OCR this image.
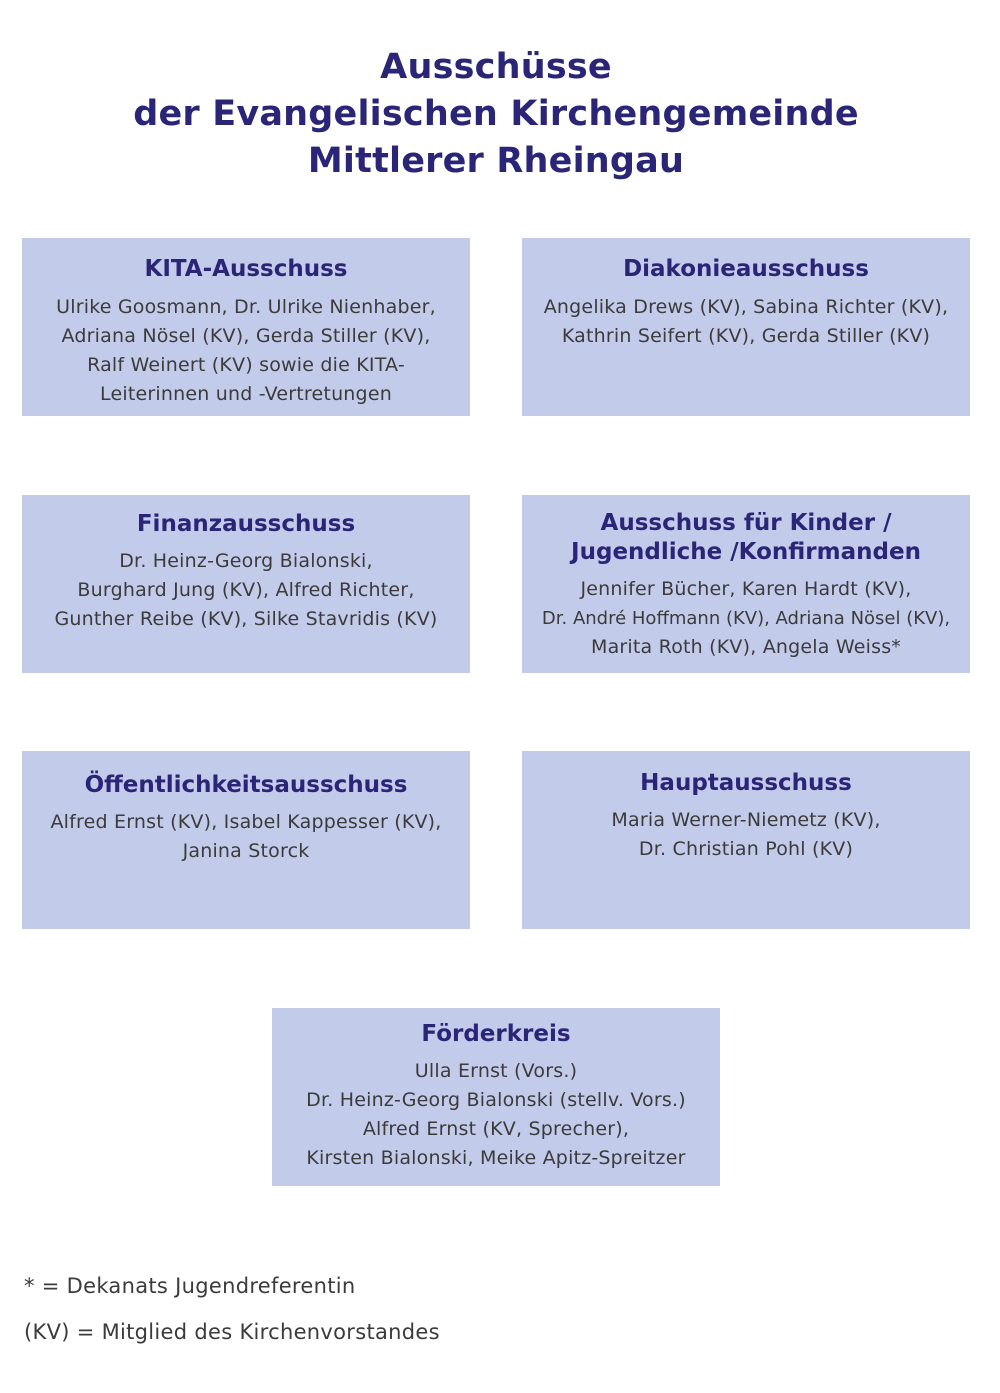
Ausschüsse
der Evangelischen Kirchengemeinde
Mittlerer Rheingau
KITA-Ausschuss
Ulrike Goosmann, Dr. Ulrike Nienhaber,
Adriana Nösel (KV), Gerda Stiller (KV),
Ralf Weinert (KV) sowie die KITA-
Leiterinnen und -Vertretungen
Diakonieausschuss
Angelika Drews (KV), Sabina Richter (KV),
Kathrin Seifert (KV), Gerda Stiller (KV)
Finanzausschuss
Dr. Heinz-Georg Bialonski,
Burghard Jung (KV), Alfred Richter,
Gunther Reibe (KV), Silke Stavridis (KV)
Ausschuss für Kinder /
Jugendliche /Konfirmanden
Jennifer Bücher, Karen Hardt (KV),
Dr. André Hoffmann (KV), Adriana Nösel (KV),
Marita Roth (KV), Angela Weiss*
Öffentlichkeitsausschuss
Alfred Ernst (KV), Isabel Kappesser (KV),
Janina Storck
Hauptausschuss
Maria Werner-Niemetz (KV),
Dr. Christian Pohl (KV)
Förderkreis
Ulla Ernst (Vors.)
Dr. Heinz-Georg Bialonski (stellv. Vors.)
Alfred Ernst (KV, Sprecher),
Kirsten Bialonski, Meike Apitz-Spreitzer
* = Dekanats Jugendreferentin
(KV) = Mitglied des Kirchenvorstandes
